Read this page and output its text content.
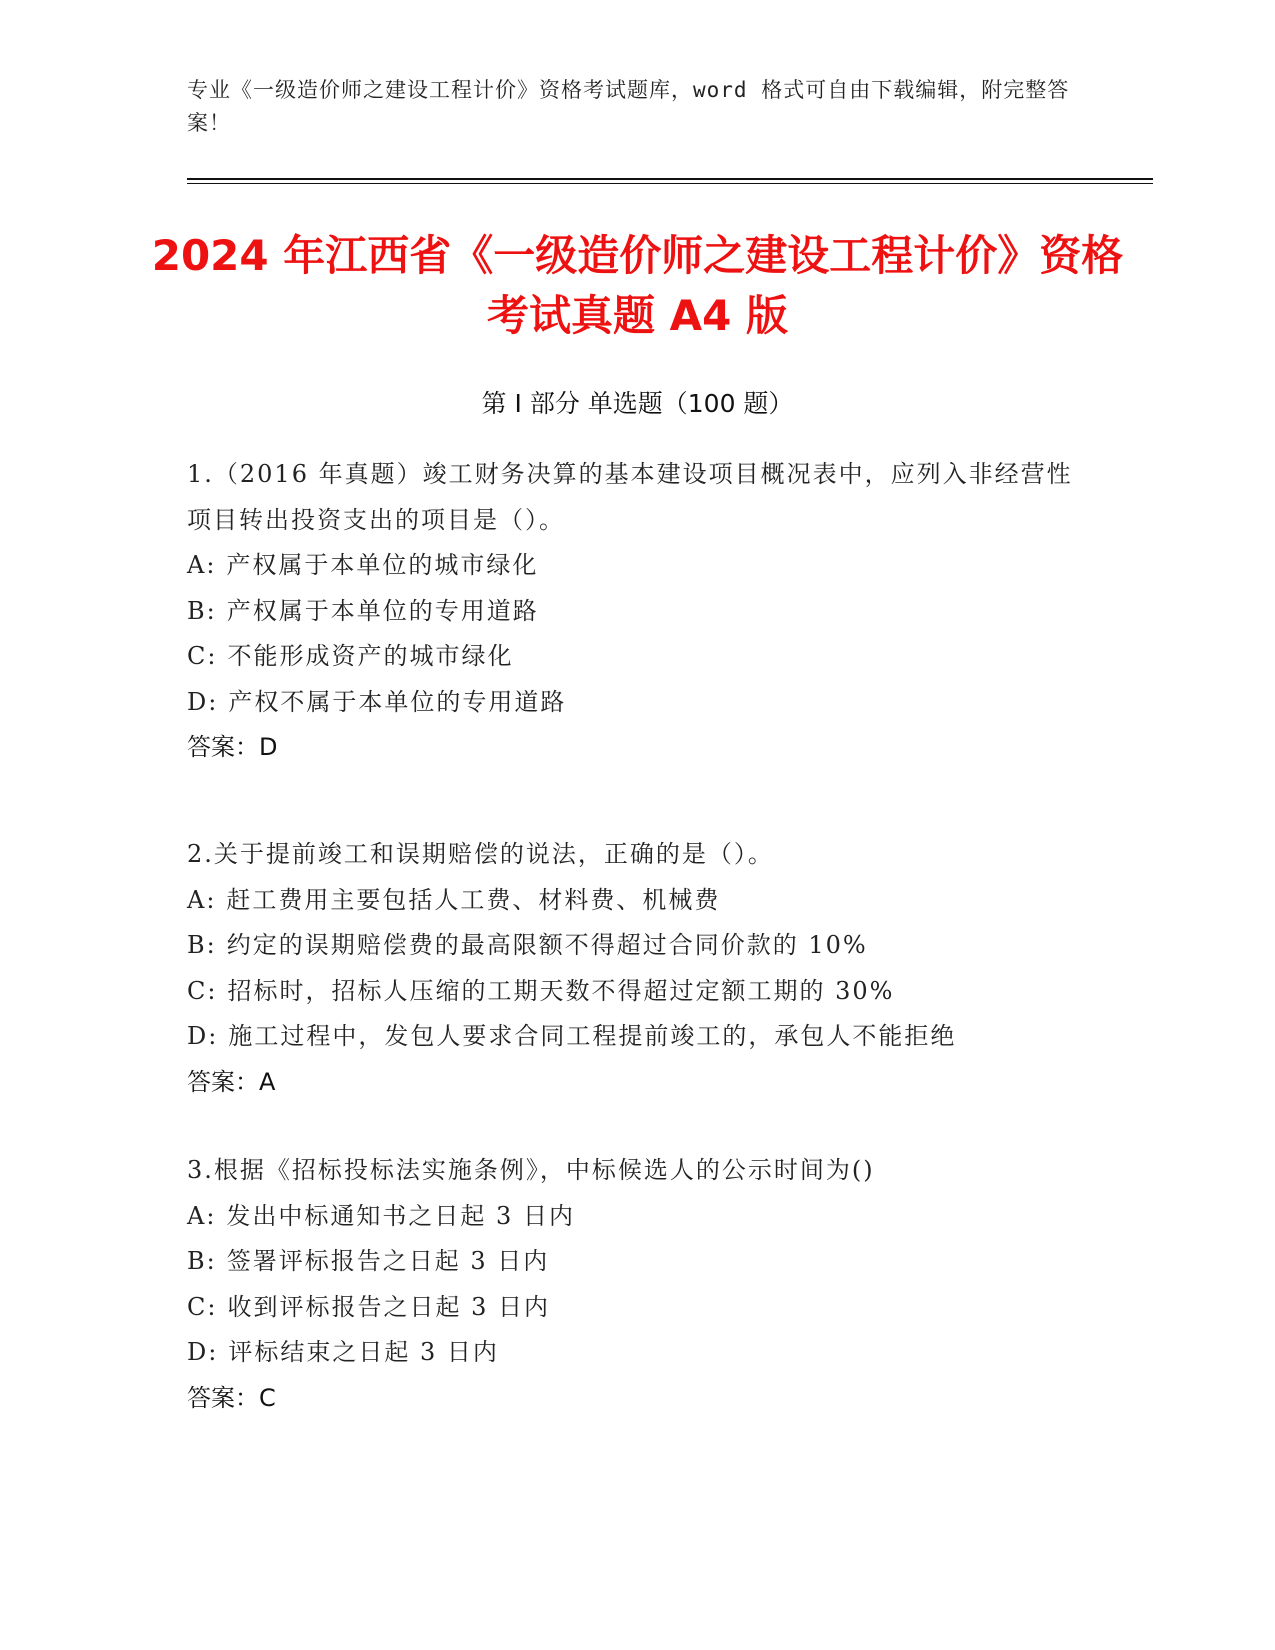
专业《一级造价师之建设工程计价》资格考试题库，word 格式可自由下载编辑，附完整答案！
2024 年江西省《一级造价师之建设工程计价》资格考试真题 A4 版
第 I 部分 单选题（100 题）

1.（2016 年真题）竣工财务决算的基本建设项目概况表中，应列入非经营性项目转出投资支出的项目是（）。

A: 产权属于本单位的城市绿化

B: 产权属于本单位的专用道路

C: 不能形成资产的城市绿化

D: 产权不属于本单位的专用道路

答案：D

2.关于提前竣工和误期赔偿的说法，正确的是（）。

A: 赶工费用主要包括人工费、材料费、机械费

B: 约定的误期赔偿费的最高限额不得超过合同价款的 10%

C: 招标时，招标人压缩的工期天数不得超过定额工期的 30%

D: 施工过程中，发包人要求合同工程提前竣工的，承包人不能拒绝

答案：A

3.根据《招标投标法实施条例》，中标候选人的公示时间为()

A: 发出中标通知书之日起 3 日内

B: 签署评标报告之日起 3 日内

C: 收到评标报告之日起 3 日内

D: 评标结束之日起 3 日内

答案：C
